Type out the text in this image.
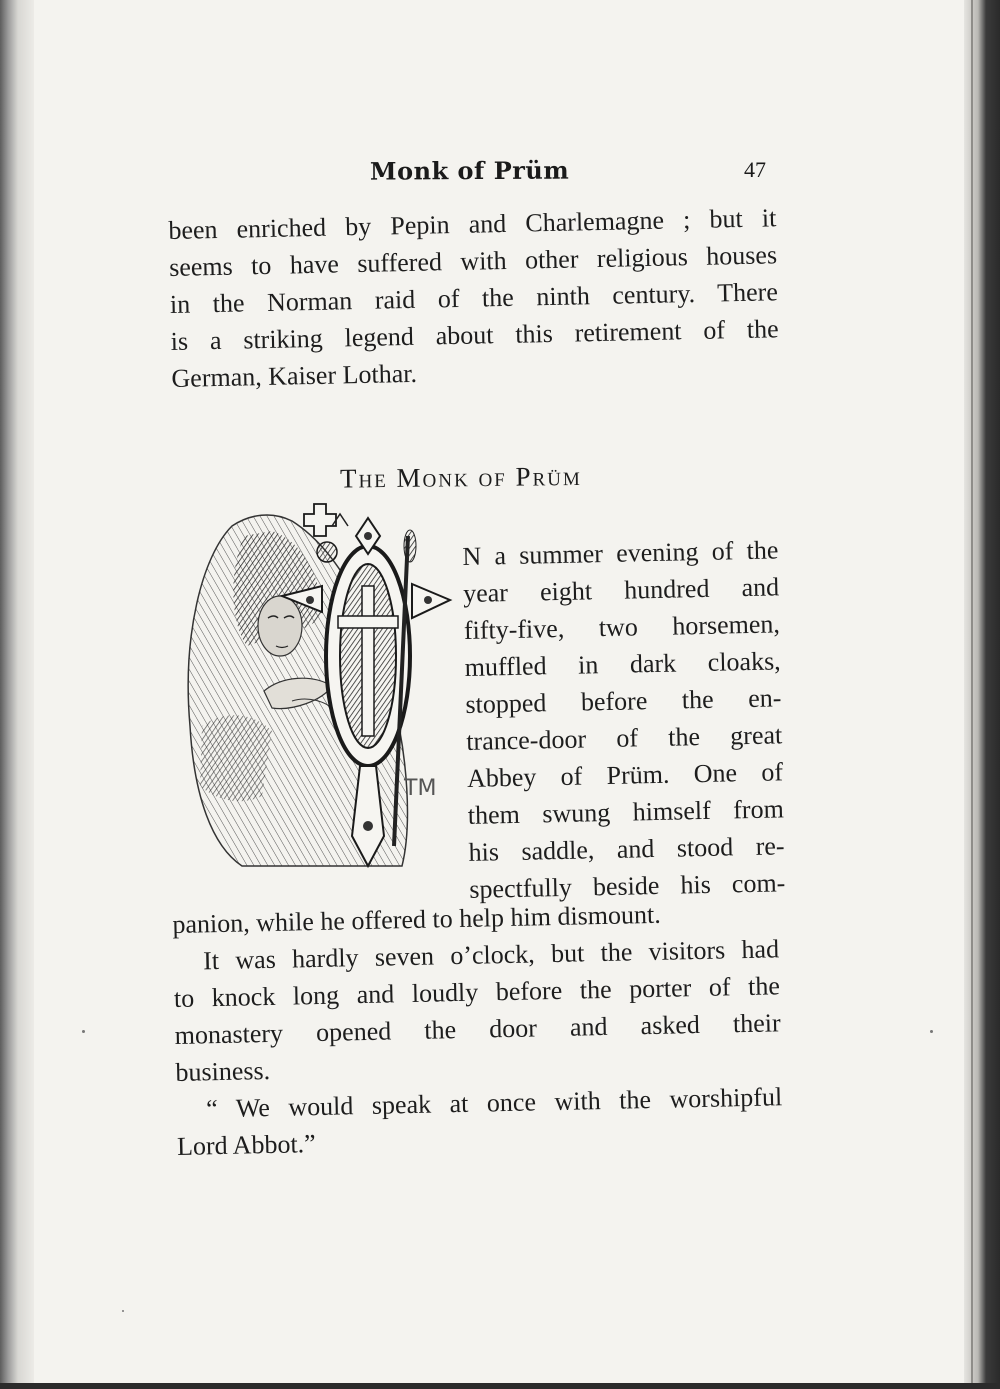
Monk of Prüm	47
been enriched by Pepin and Charlemagne ; but it
seems to have suffered with other religious houses
in the Norman raid of the ninth century. There
is a striking legend about this retirement of the
German, Kaiser Lothar.
The Monk of Prüm
TM
N a summer evening of the
year eight hundred and
fifty-five, two horsemen,
muffled in dark cloaks,
stopped before the en-
trance-door of the great
Abbey of Prüm. One of
them swung himself from
his saddle, and stood re-
spectfully beside his com-
panion, while he offered to help him dismount.
It was hardly seven o’clock, but the visitors had
to knock long and loudly before the porter of the
monastery opened the door and asked their
business.
“ We would speak at once with the worshipful
Lord Abbot.”
